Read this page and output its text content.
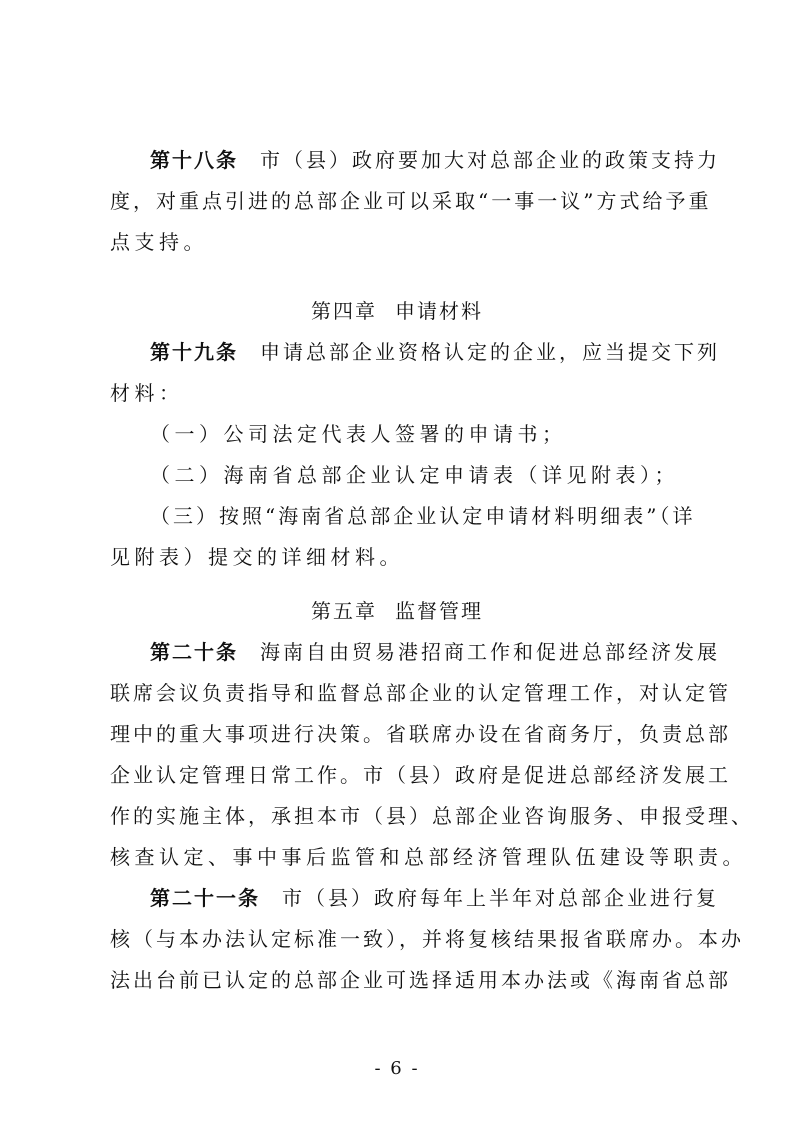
第十八条 市（县）政府要加大对总部企业的政策支持力
度，对重点引进的总部企业可以采取“一事一议”方式给予重
点支持。
第四章 申请材料
第十九条 申请总部企业资格认定的企业，应当提交下列
材料：
（一）公司法定代表人签署的申请书；
（二）海南省总部企业认定申请表（详见附表）；
（三）按照“海南省总部企业认定申请材料明细表”（详
见附表）提交的详细材料。
第五章 监督管理
第二十条 海南自由贸易港招商工作和促进总部经济发展
联席会议负责指导和监督总部企业的认定管理工作，对认定管
理中的重大事项进行决策。省联席办设在省商务厅，负责总部
企业认定管理日常工作。市（县）政府是促进总部经济发展工
作的实施主体，承担本市（县）总部企业咨询服务、申报受理、
核查认定、事中事后监管和总部经济管理队伍建设等职责。
第二十一条 市（县）政府每年上半年对总部企业进行复
核（与本办法认定标准一致），并将复核结果报省联席办。本办
法出台前已认定的总部企业可选择适用本办法或《海南省总部
- 6 -
